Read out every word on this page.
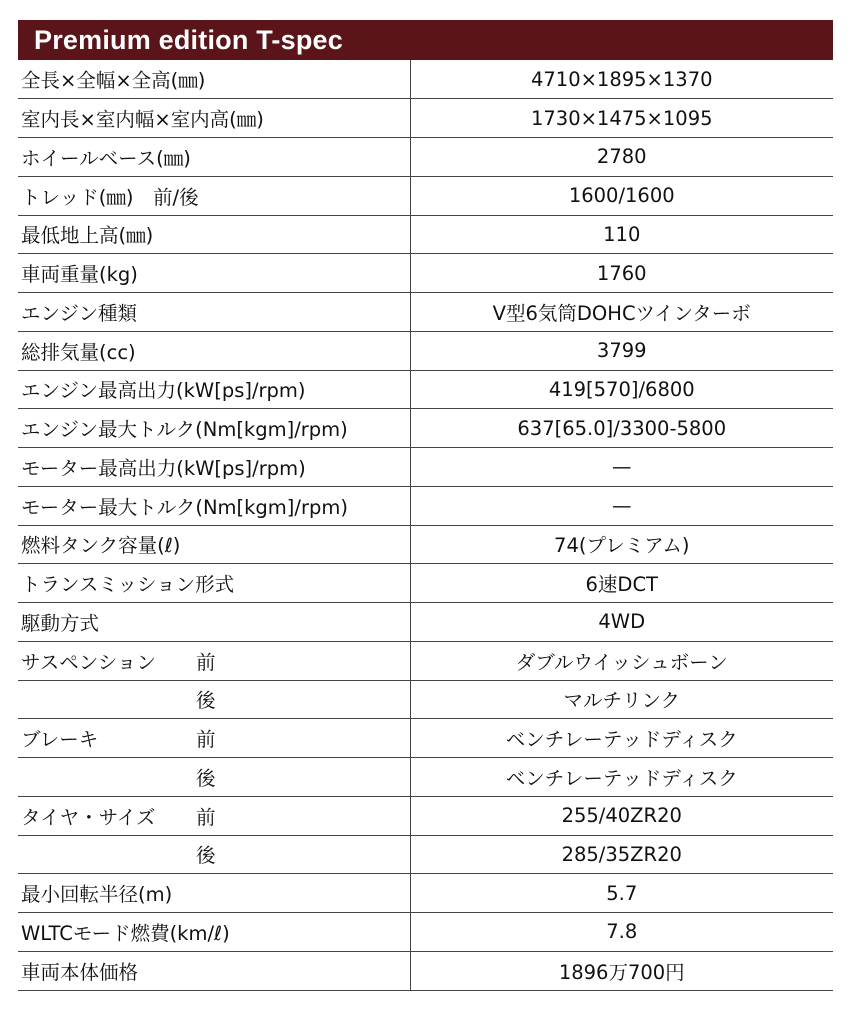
Premium edition T-spec
全長×全幅×全高(㎜)	4710×1895×1370
室内長×室内幅×室内高(㎜)	1730×1475×1095
ホイールベース(㎜)	2780
トレッド(㎜)　前/後	1600/1600
最低地上高(㎜)	110
車両重量(kg)	1760
エンジン種類	V型6気筒DOHCツインターボ
総排気量(cc)	3799
エンジン最高出力(kW[ps]/rpm)	419[570]/6800
エンジン最大トルク(Nm[kgm]/rpm)	637[65.0]/3300-5800
モーター最高出力(kW[ps]/rpm)	—
モーター最大トルク(Nm[kgm]/rpm)	—
燃料タンク容量(ℓ)	74(プレミアム)
トランスミッション形式	6速DCT
駆動方式	4WD
サスペンション 前	ダブルウイッシュボーン

後	マルチリンク
ブレーキ 前	ベンチレーテッドディスク

後	ベンチレーテッドディスク
タイヤ・サイズ 前	255/40ZR20

後	285/35ZR20
最小回転半径(m)	5.7
WLTCモード燃費(km/ℓ)	7.8
車両本体価格	1896万700円
